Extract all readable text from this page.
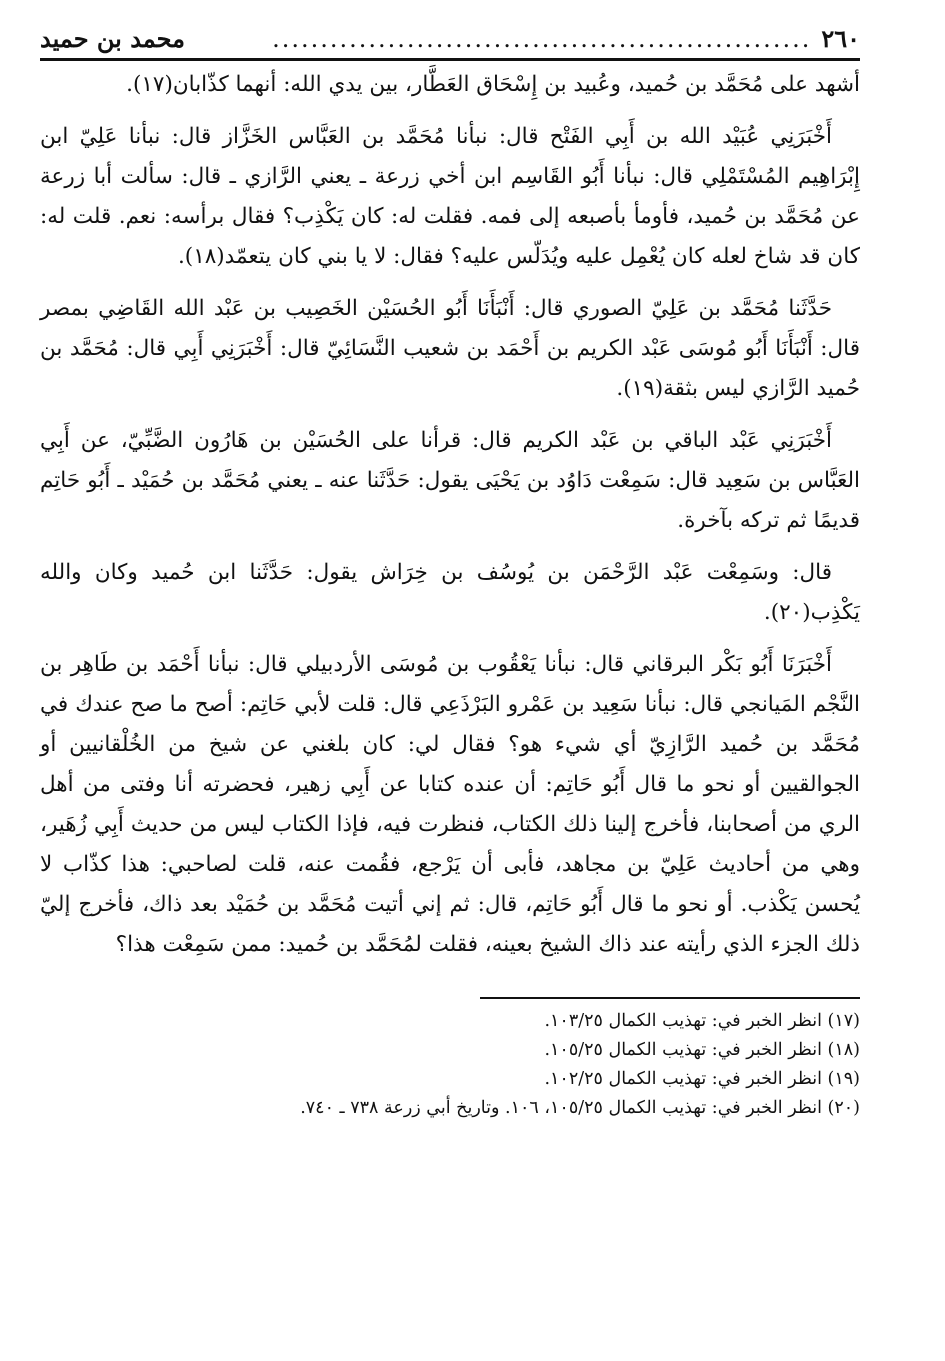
٢٦٠
........................................................
محمد بن حميد

أشهد على مُحَمَّد بن حُميد، وعُبيد بن إِسْحَاق العَطَّار، بين يدي الله: أنهما كذّابان(١٧).

أَخْبَرَنِي عُبَيْد الله بن أَبِي الفَتْح قال: نبأنا مُحَمَّد بن العَبَّاس الخَزَّاز قال: نبأنا عَلِيّ ابن إِبْرَاهِيم المُسْتَمْلِي قال: نبأنا أَبُو القَاسِم ابن أخي زرعة ـ يعني الرَّازي ـ قال: سألت أبا زرعة عن مُحَمَّد بن حُميد، فأومأ بأصبعه إلى فمه. فقلت له: كان يَكْذِب؟ فقال برأسه: نعم. قلت له: كان قد شاخ لعله كان يُعْمِل عليه ويُدَلّس عليه؟ فقال: لا يا بني كان يتعمّد(١٨).

حَدَّثَنا مُحَمَّد بن عَلِيّ الصوري قال: أَنْبَأَنَا أَبُو الحُسَيْن الخَصِيب بن عَبْد الله القَاضِي بمصر قال: أَنْبَأَنَا أَبُو مُوسَى عَبْد الكريم بن أَحْمَد بن شعيب النَّسَائِيّ قال: أَخْبَرَنِي أَبِي قال: مُحَمَّد بن حُميد الرَّازي ليس بثقة(١٩).

أَخْبَرَنِي عَبْد الباقي بن عَبْد الكريم قال: قرأنا على الحُسَيْن بن هَارُون الضَّبِّيّ، عن أَبِي العَبَّاس بن سَعِيد قال: سَمِعْت دَاوُد بن يَحْيَى يقول: حَدَّثَنا عنه ـ يعني مُحَمَّد بن حُمَيْد ـ أَبُو حَاتِم قديمًا ثم تركه بآخرة.

قال: وسَمِعْت عَبْد الرَّحْمَن بن يُوسُف بن خِرَاش يقول: حَدَّثَنا ابن حُميد وكان والله يَكْذِب(٢٠).

أَخْبَرَنَا أَبُو بَكْر البرقاني قال: نبأنا يَعْقُوب بن مُوسَى الأردبيلي قال: نبأنا أَحْمَد بن طَاهِر بن النَّجْم المَيانجي قال: نبأنا سَعِيد بن عَمْرو البَرْذَعِي قال: قلت لأبي حَاتِم: أصح ما صح عندك في مُحَمَّد بن حُميد الرَّازِيّ أي شيء هو؟ فقال لي: كان بلغني عن شيخ من الخُلْقانيين أو الجوالقيين أو نحو ما قال أَبُو حَاتِم: أن عنده كتابا عن أَبِي زهير، فحضرته أنا وفتى من أهل الري من أصحابنا، فأخرج إلينا ذلك الكتاب، فنظرت فيه، فإذا الكتاب ليس من حديث أَبِي زُهَير، وهي من أحاديث عَلِيّ بن مجاهد، فأبى أن يَرْجع، فقُمت عنه، قلت لصاحبي: هذا كذّاب لا يُحسن يَكْذب. أو نحو ما قال أَبُو حَاتِم، قال: ثم إني أتيت مُحَمَّد بن حُمَيْد بعد ذاك، فأخرج إليّ ذلك الجزء الذي رأيته عند ذاك الشيخ بعينه، فقلت لمُحَمَّد بن حُميد: ممن سَمِعْت هذا؟

(١٧) انظر الخبر في: تهذيب الكمال ١٠٣/٢٥.

(١٨) انظر الخبر في: تهذيب الكمال ١٠٥/٢٥.

(١٩) انظر الخبر في: تهذيب الكمال ١٠٢/٢٥.

(٢٠) انظر الخبر في: تهذيب الكمال ١٠٥/٢٥، ١٠٦. وتاريخ أبي زرعة ٧٣٨ ـ ٧٤٠.
